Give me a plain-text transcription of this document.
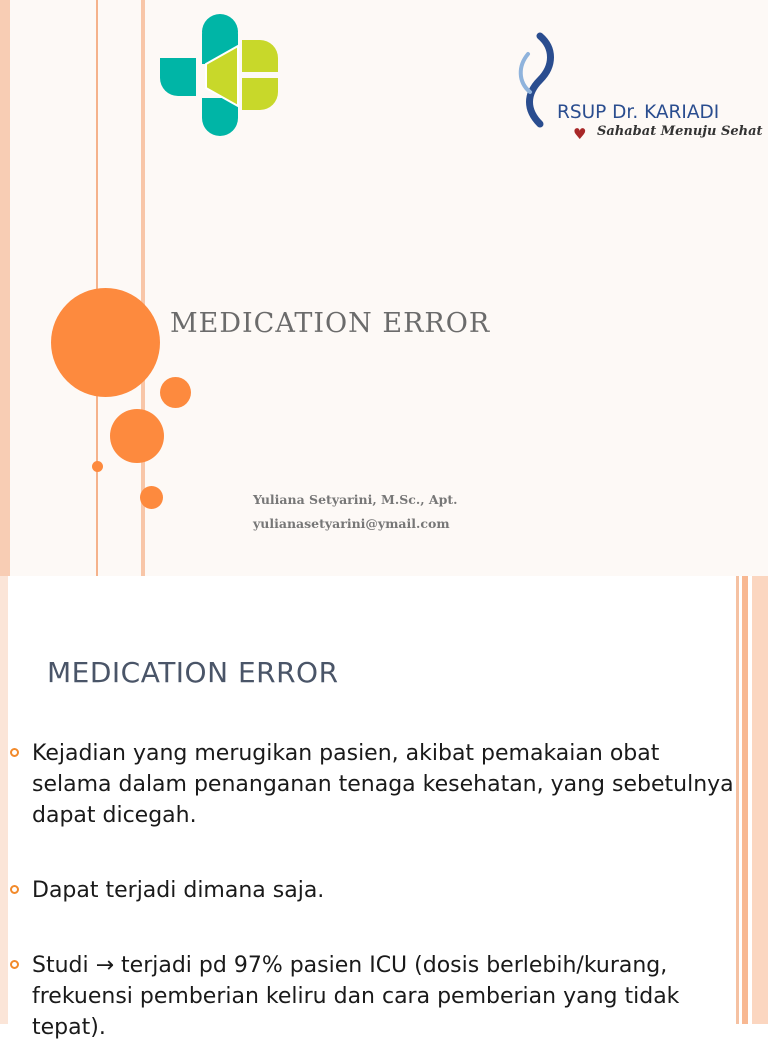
RSUP Dr. KARIADI
♥ Sahabat Menuju Sehat
MEDICATION ERROR
Yuliana Setyarini, M.Sc., Apt.
yulianasetyarini@ymail.com
MEDICATION ERROR
Kejadian yang merugikan pasien, akibat pemakaian obat selama dalam penanganan tenaga kesehatan, yang sebetulnya dapat dicegah.
Dapat terjadi dimana saja.
Studi → terjadi pd 97% pasien ICU (dosis berlebih/kurang, frekuensi pemberian keliru dan cara pemberian yang tidak tepat).
